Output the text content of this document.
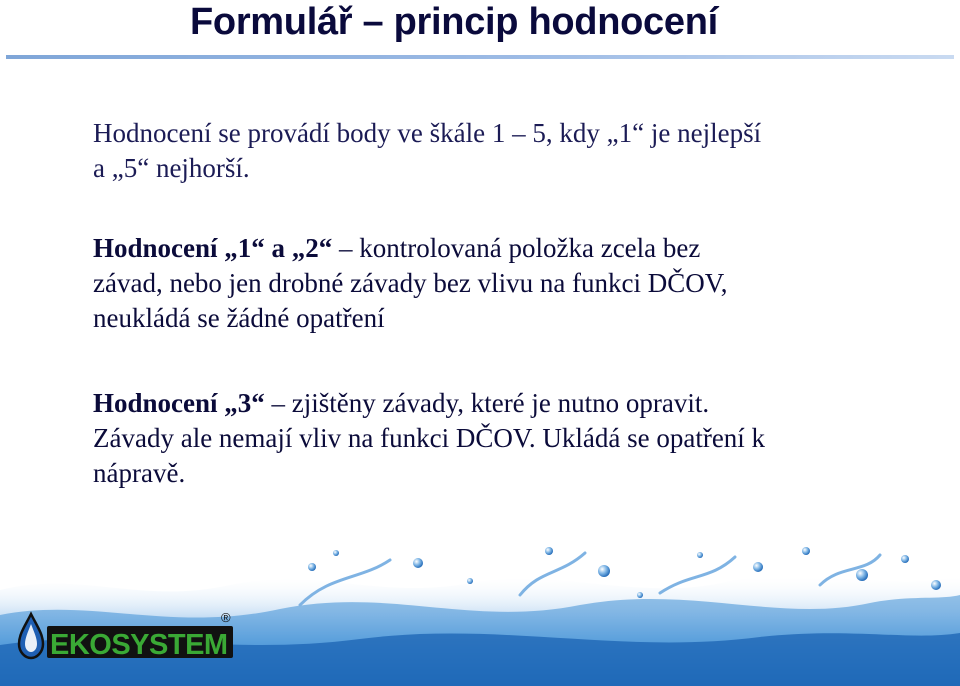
Formulář – princip hodnocení

Hodnocení se provádí body ve škále 1 – 5, kdy „1“ je nejlepší
a „5“ nejhorší.

Hodnocení „1“ a „2“ – kontrolovaná položka zcela bez
závad, nebo jen drobné závady bez vlivu na funkci DČOV,
neukládá se žádné opatření

Hodnocení „3“ – zjištěny závady, které je nutno opravit.
Závady ale nemají vliv na funkci DČOV. Ukládá se opatření k
nápravě.

EKOSYSTEM
®
